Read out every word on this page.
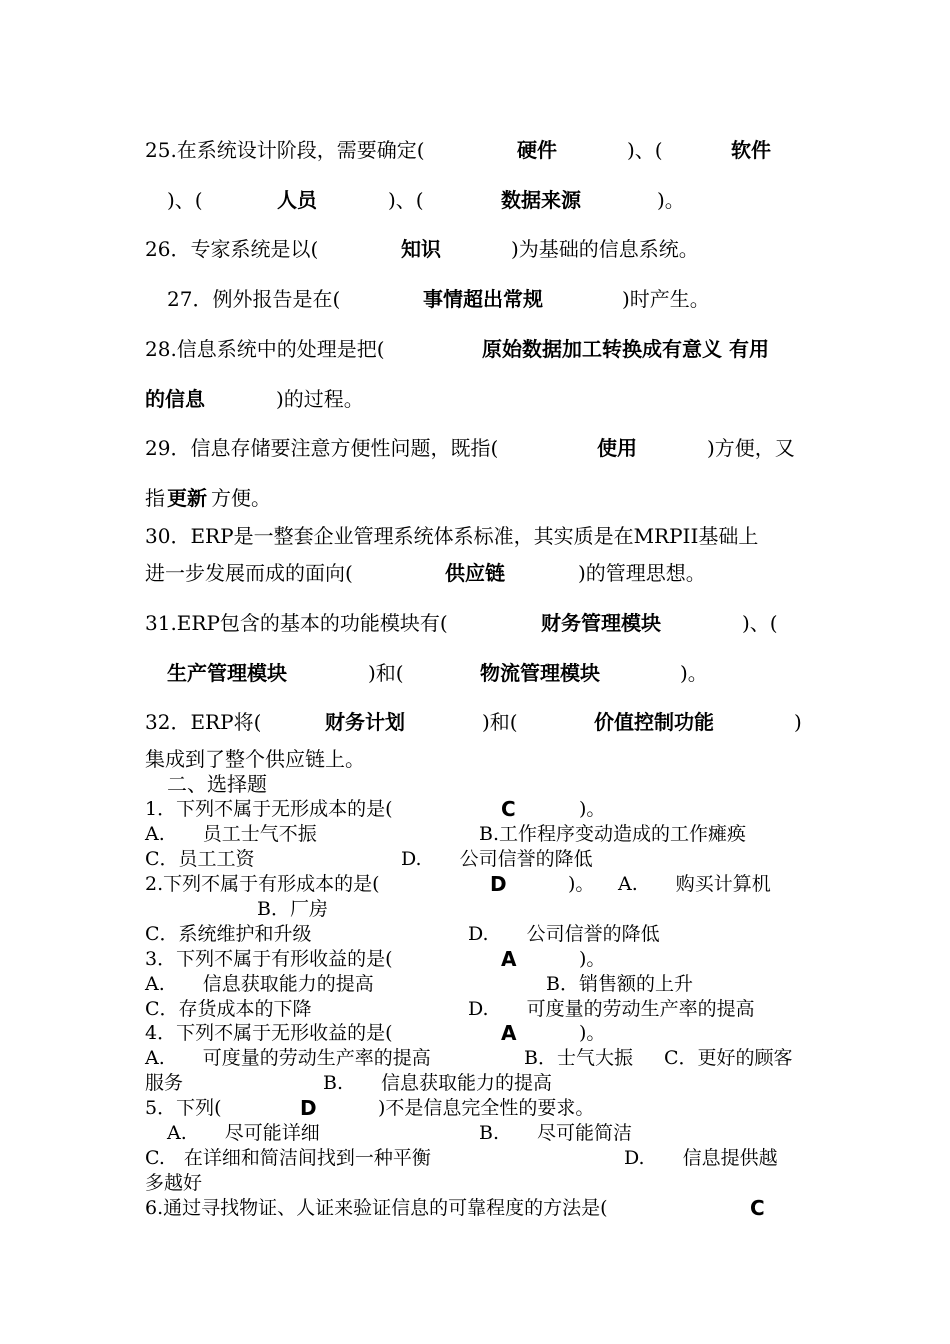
25.在系统设计阶段，需要确定(	硬件	)、(	软件
)、(	人员	)、(	数据来源	)。
26．专家系统是以(	知识	)为基础的信息系统。
27．例外报告是在(	事情超出常规	)时产生。
28.信息系统中的处理是把(	原始数据加工转换成有意义 有用
的信息	)的过程。
29．信息存储要注意方便性问题，既指(	使用	)方便，又
指 更新 方便。
30．ERP是一整套企业管理系统体系标准，其实质是在MRPII基础上
进一步发展而成的面向(	供应链	)的管理思想。
31.ERP包含的基本的功能模块有(	财务管理模块	)、(
生产管理模块	)和(	物流管理模块	)。
32．ERP将(	财务计划	)和(	价值控制功能	)
集成到了整个供应链上。
二、选择题
1．下列不属于无形成本的是(	C	)。
A.　　员工士气不振	B.工作程序变动造成的工作瘫痪
C．员工工资	D.　　公司信誉的降低
2.下列不属于有形成本的是(	D	)。 A.　　购买计算机
B．厂房
C．系统维护和升级	D.　　公司信誉的降低
3．下列不属于有形收益的是(	A	)。
A.　　信息获取能力的提高	B．销售额的上升
C．存货成本的下降	D.　　可度量的劳动生产率的提高
4．下列不属于无形收益的是(	A	)。
A.　　可度量的劳动生产率的提高	B．士气大振 C．更好的顾客
服务	B.　　信息获取能力的提高
5．下列(	D	)不是信息完全性的要求。
A.　　尽可能详细	B.　　尽可能简洁
C.　在详细和简洁间找到一种平衡	D.　　信息提供越
多越好
6.通过寻找物证、人证来验证信息的可靠程度的方法是(	C
